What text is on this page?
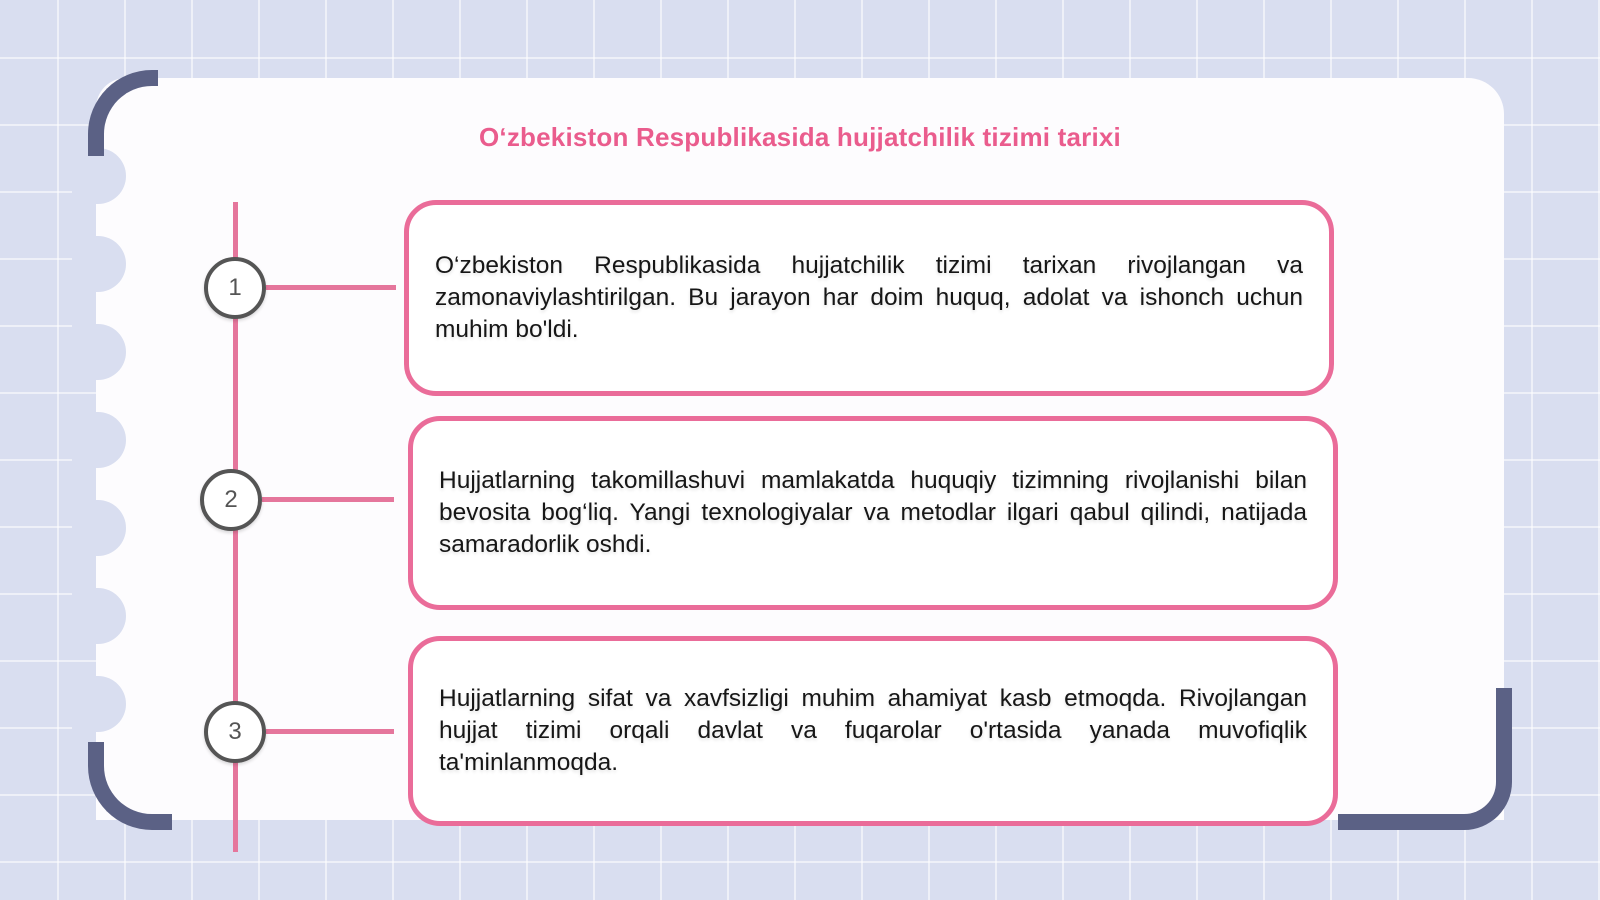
Oʻzbekiston Respublikasida hujjatchilik tizimi tarixi
1

O‘zbekiston Respublikasida hujjatchilik tizimi tarixan rivojlangan va zamonaviylashtirilgan. Bu jarayon har doim huquq, adolat va ishonch uchun muhim bo'ldi.

2

Hujjatlarning takomillashuvi mamlakatda huquqiy tizimning rivojlanishi bilan bevosita bog‘liq. Yangi texnologiyalar va metodlar ilgari qabul qilindi, natijada samaradorlik oshdi.

3

Hujjatlarning sifat va xavfsizligi muhim ahamiyat kasb etmoqda. Rivojlangan hujjat tizimi orqali davlat va fuqarolar o'rtasida yanada muvofiqlik ta'minlanmoqda.
